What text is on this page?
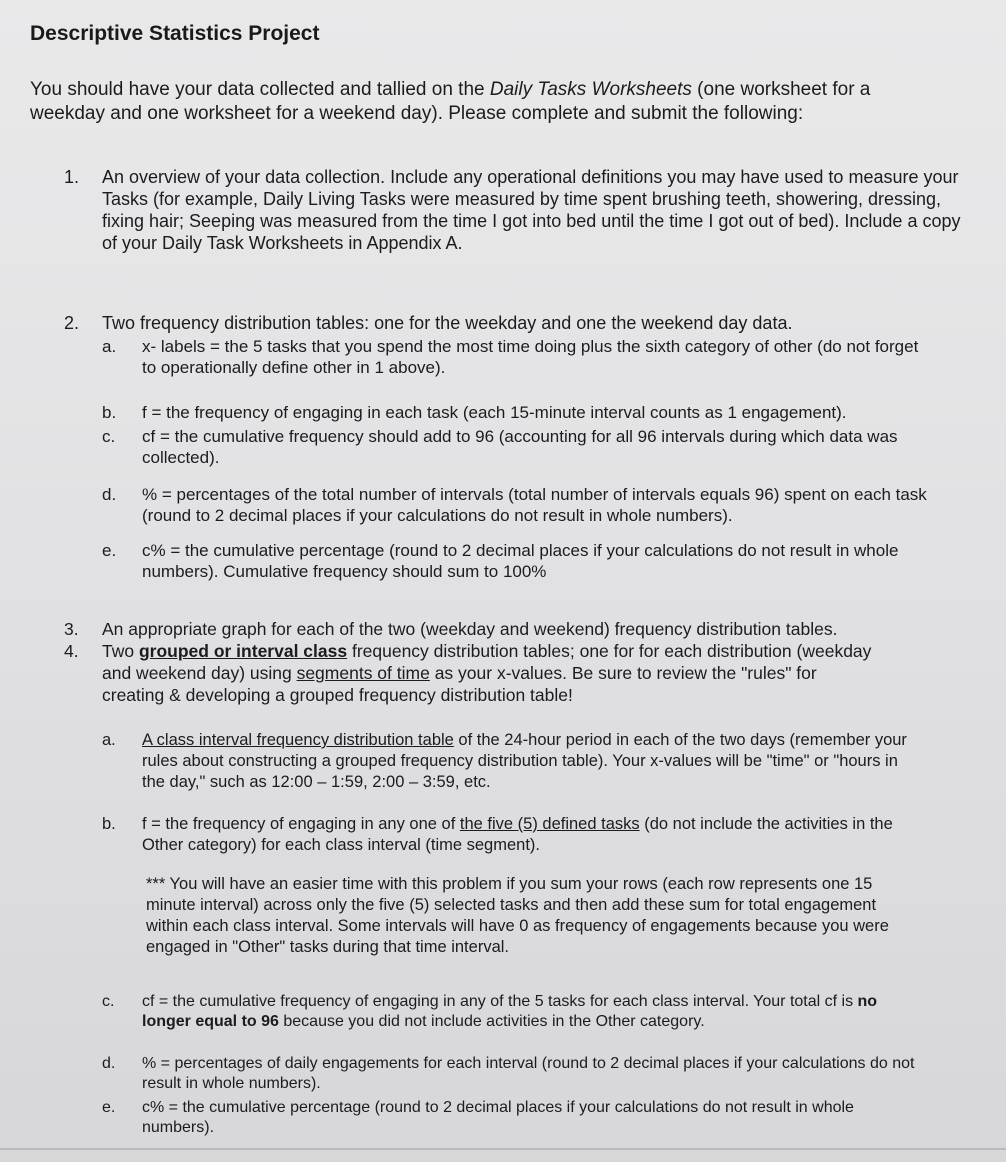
Descriptive Statistics Project
You should have your data collected and tallied on the Daily Tasks Worksheets (one worksheet for a weekday and one worksheet for a weekend day). Please complete and submit the following:
1.	An overview of your data collection. Include any operational definitions you may have used to measure your Tasks (for example, Daily Living Tasks were measured by time spent brushing teeth, showering, dressing, fixing hair; Seeping was measured from the time I got into bed until the time I got out of bed). Include a copy of your Daily Task Worksheets in Appendix A.
2.	Two frequency distribution tables: one for the weekday and one the weekend day data.
a. x- labels = the 5 tasks that you spend the most time doing plus the sixth category of other (do not forget to operationally define other in 1 above).
b. f = the frequency of engaging in each task (each 15-minute interval counts as 1 engagement).
c. cf = the cumulative frequency should add to 96 (accounting for all 96 intervals during which data was collected).
d. % = percentages of the total number of intervals (total number of intervals equals 96) spent on each task (round to 2 decimal places if your calculations do not result in whole numbers).
e. c% = the cumulative percentage (round to 2 decimal places if your calculations do not result in whole numbers). Cumulative frequency should sum to 100%
3.	An appropriate graph for each of the two (weekday and weekend) frequency distribution tables.
4.	Two grouped or interval class frequency distribution tables; one for for each distribution (weekday and weekend day) using segments of time as your x-values. Be sure to review the "rules" for creating & developing a grouped frequency distribution table!
a. A class interval frequency distribution table of the 24-hour period in each of the two days (remember your rules about constructing a grouped frequency distribution table). Your x-values will be "time" or "hours in the day," such as 12:00 – 1:59, 2:00 – 3:59, etc.
b. f = the frequency of engaging in any one of the five (5) defined tasks (do not include the activities in the Other category) for each class interval (time segment).
*** You will have an easier time with this problem if you sum your rows (each row represents one 15 minute interval) across only the five (5) selected tasks and then add these sum for total engagement within each class interval. Some intervals will have 0 as frequency of engagements because you were engaged in "Other" tasks during that time interval.
c. cf = the cumulative frequency of engaging in any of the 5 tasks for each class interval. Your total cf is no longer equal to 96 because you did not include activities in the Other category.
d. % = percentages of daily engagements for each interval (round to 2 decimal places if your calculations do not result in whole numbers).
e. c% = the cumulative percentage (round to 2 decimal places if your calculations do not result in whole numbers).
